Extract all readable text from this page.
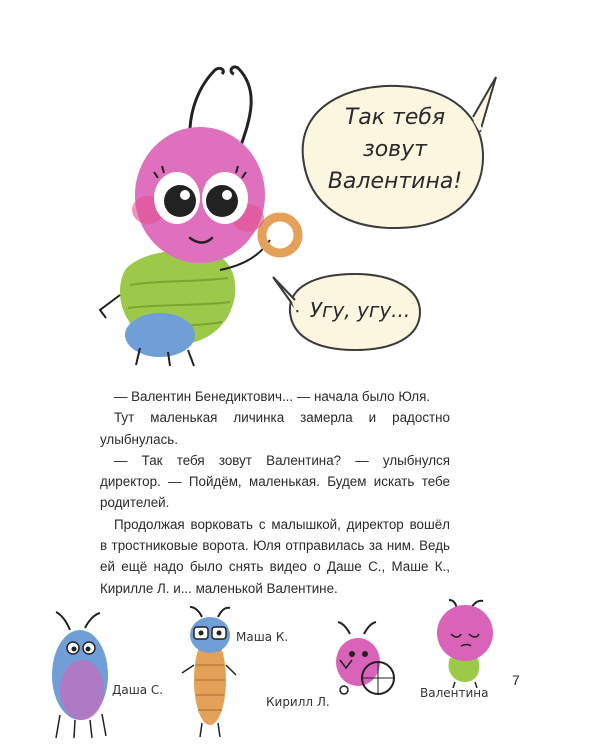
Так тебя
зовут
Валентина!
Угу, угу...

— Валентин Бенедиктович... — начала было Юля.

Тут маленькая личинка замерла и радостно улыбнулась.

— Так тебя зовут Валентина? — улыбнулся директор. — Пойдём, маленькая. Будем искать тебе родителей.

Продолжая ворковать с малышкой, директор вошёл в тростниковые ворота. Юля отправилась за ним. Ведь ей ещё надо было снять видео о Даше С., Маше К., Кирилле Л. и... маленькой Валентине.

Даша С.
Маша К.
Кирилл Л.
Валентина
7
